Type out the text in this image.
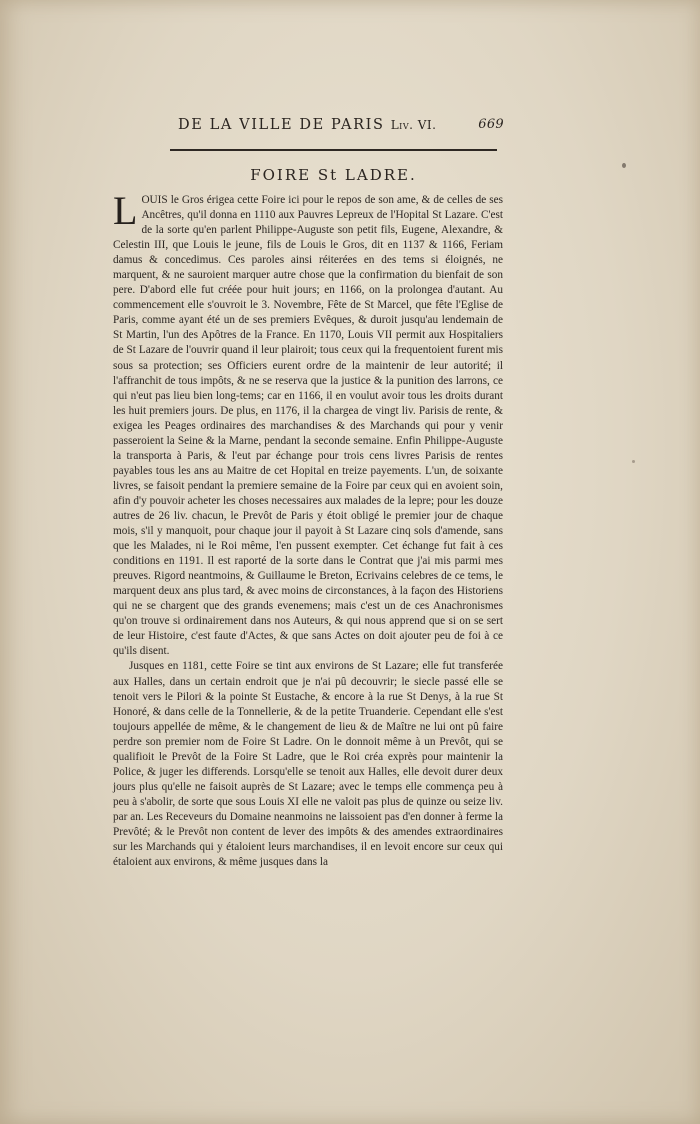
DE LA VILLE DE PARIS Liv. VI.	669
FOIRE St LADRE.

LOUIS le Gros érigea cette Foire ici pour le repos de son ame, & de celles de ses Ancêtres, qu'il donna en 1110 aux Pauvres Lepreux de l'Hopital St Lazare. C'est de la sorte qu'en parlent Philippe-Auguste son petit fils, Eugene, Alexandre, & Celestin III, que Louis le jeune, fils de Louis le Gros, dit en 1137 & 1166, Feriam damus & concedimus. Ces paroles ainsi réiterées en des tems si éloignés, ne marquent, & ne sauroient marquer autre chose que la confirmation du bienfait de son pere. D'abord elle fut créée pour huit jours; en 1166, on la prolongea d'autant. Au commencement elle s'ouvroit le 3. Novembre, Fête de St Marcel, que fête l'Eglise de Paris, comme ayant été un de ses premiers Evêques, & duroit jusqu'au lendemain de St Martin, l'un des Apôtres de la France. En 1170, Louis VII permit aux Hospitaliers de St Lazare de l'ouvrir quand il leur plairoit; tous ceux qui la frequentoient furent mis sous sa protection; ses Officiers eurent ordre de la maintenir de leur autorité; il l'affranchit de tous impôts, & ne se reserva que la justice & la punition des larrons, ce qui n'eut pas lieu bien long-tems; car en 1166, il en voulut avoir tous les droits durant les huit premiers jours. De plus, en 1176, il la chargea de vingt liv. Parisis de rente, & exigea les Peages ordinaires des marchandises & des Marchands qui pour y venir passeroient la Seine & la Marne, pendant la seconde semaine. Enfin Philippe-Auguste la transporta à Paris, & l'eut par échange pour trois cens livres Parisis de rentes payables tous les ans au Maitre de cet Hopital en treize payements. L'un, de soixante livres, se faisoit pendant la premiere semaine de la Foire par ceux qui en avoient soin, afin d'y pouvoir acheter les choses necessaires aux malades de la lepre; pour les douze autres de 26 liv. chacun, le Prevôt de Paris y étoit obligé le premier jour de chaque mois, s'il y manquoit, pour chaque jour il payoit à St Lazare cinq sols d'amende, sans que les Malades, ni le Roi même, l'en pussent exempter. Cet échange fut fait à ces conditions en 1191. Il est raporté de la sorte dans le Contrat que j'ai mis parmi mes preuves. Rigord neantmoins, & Guillaume le Breton, Ecrivains celebres de ce tems, le marquent deux ans plus tard, & avec moins de circonstances, à la façon des Historiens qui ne se chargent que des grands evenemens; mais c'est un de ces Anachronismes qu'on trouve si ordinairement dans nos Auteurs, & qui nous apprend que si on se sert de leur Histoire, c'est faute d'Actes, & que sans Actes on doit ajouter peu de foi à ce qu'ils disent.

Jusques en 1181, cette Foire se tint aux environs de St Lazare; elle fut transferée aux Halles, dans un certain endroit que je n'ai pû decouvrir; le siecle passé elle se tenoit vers le Pilori & la pointe St Eustache, & encore à la rue St Denys, à la rue St Honoré, & dans celle de la Tonnellerie, & de la petite Truanderie. Cependant elle s'est toujours appellée de même, & le changement de lieu & de Maître ne lui ont pû faire perdre son premier nom de Foire St Ladre. On le donnoit même à un Prevôt, qui se qualifioit le Prevôt de la Foire St Ladre, que le Roi créa exprès pour maintenir la Police, & juger les differends. Lorsqu'elle se tenoit aux Halles, elle devoit durer deux jours plus qu'elle ne faisoit auprès de St Lazare; avec le temps elle commença peu à peu à s'abolir, de sorte que sous Louis XI elle ne valoit pas plus de quinze ou seize liv. par an. Les Receveurs du Domaine neanmoins ne laissoient pas d'en donner à ferme la Prevôté; & le Prevôt non content de lever des impôts & des amendes extraordinaires sur les Marchands qui y étaloient leurs marchandises, il en levoit encore sur ceux qui étaloient aux environs, & même jusques dans la
